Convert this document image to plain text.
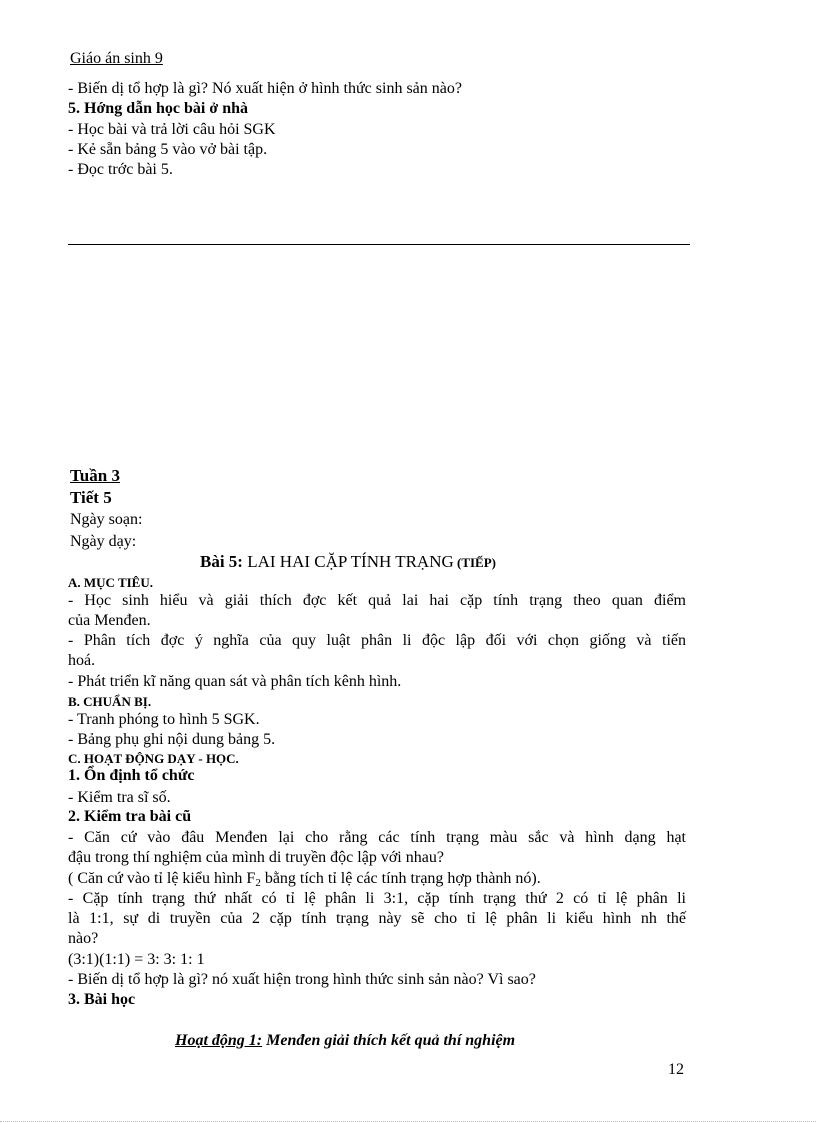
Giáo án sinh 9
- Biến dị tổ hợp là gì? Nó xuất hiện ở hình thức sinh sản nào?
5. Hớng dẫn học bài ở nhà
- Học bài và trả lời câu hỏi SGK
- Kẻ sẵn bảng 5 vào vở bài tập.
- Đọc trớc bài 5.
Tuần 3
Tiết 5
Ngày soạn:
Ngày dạy:
Bài 5: LAI HAI CẶP TÍNH TRẠNG (TIẾP)
A. MỤC TIÊU.
- Học sinh hiểu và giải thích đợc kết quả lai hai cặp tính trạng theo quan điểm
của Menđen.
- Phân tích đợc ý nghĩa của quy luật phân li độc lập đối với chọn giống và tiến
hoá.
- Phát triển kĩ năng quan sát và phân tích kênh hình.
B. CHUẨN BỊ.
- Tranh phóng to hình 5 SGK.
- Bảng phụ ghi nội dung bảng 5.
C. HOẠT ĐỘNG DẠY - HỌC.
1. Ổn định tổ chức
- Kiểm tra sĩ số.
2. Kiểm tra bài cũ
- Căn cứ vào đâu Menđen lại cho rằng các tính trạng màu sắc và hình dạng hạt
đậu trong thí nghiệm của mình di truyền độc lập với nhau?
( Căn cứ vào tỉ lệ kiểu hình $F_2$ bằng tích tỉ lệ các tính trạng hợp thành nó).
- Cặp tính trạng thứ nhất có tỉ lệ phân li 3:1, cặp tính trạng thứ 2 có tỉ lệ phân li
là 1:1, sự di truyền của 2 cặp tính trạng này sẽ cho tỉ lệ phân li kiểu hình nh thế
nào?
(3:1)(1:1) = 3: 3: 1: 1
- Biến dị tổ hợp là gì? nó xuất hiện trong hình thức sinh sản nào? Vì sao?
3. Bài học
Hoạt động 1: Menđen giải thích kết quả thí nghiệm
12
